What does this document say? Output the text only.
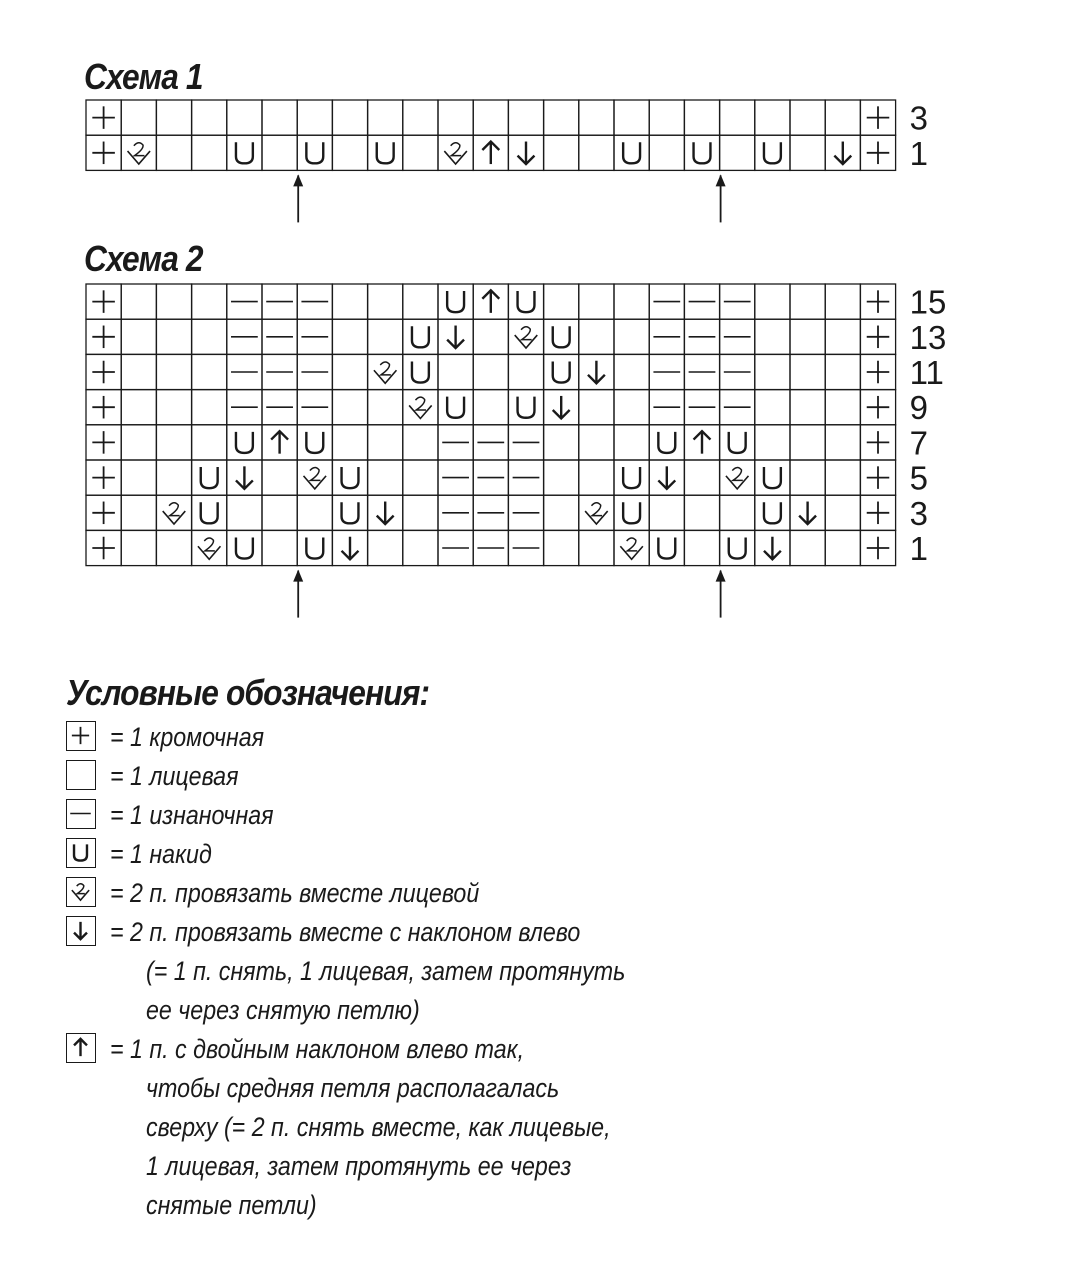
Схема 1
3
1
Схема 2
15
13
11
9
7
5
3
1
Условные обозначения:
= 1 кромочная
= 1 лицевая
= 1 изнаночная
= 1 накид
= 2 п. провязать вместе лицевой
= 2 п. провязать вместе с наклоном влево
(= 1 п. снять, 1 лицевая, затем протянуть
ее через снятую петлю)
= 1 п. с двойным наклоном влево так,
чтобы средняя петля располагалась
сверху (= 2 п. снять вместе, как лицевые,
1 лицевая, затем протянуть ее через
снятые петли)
